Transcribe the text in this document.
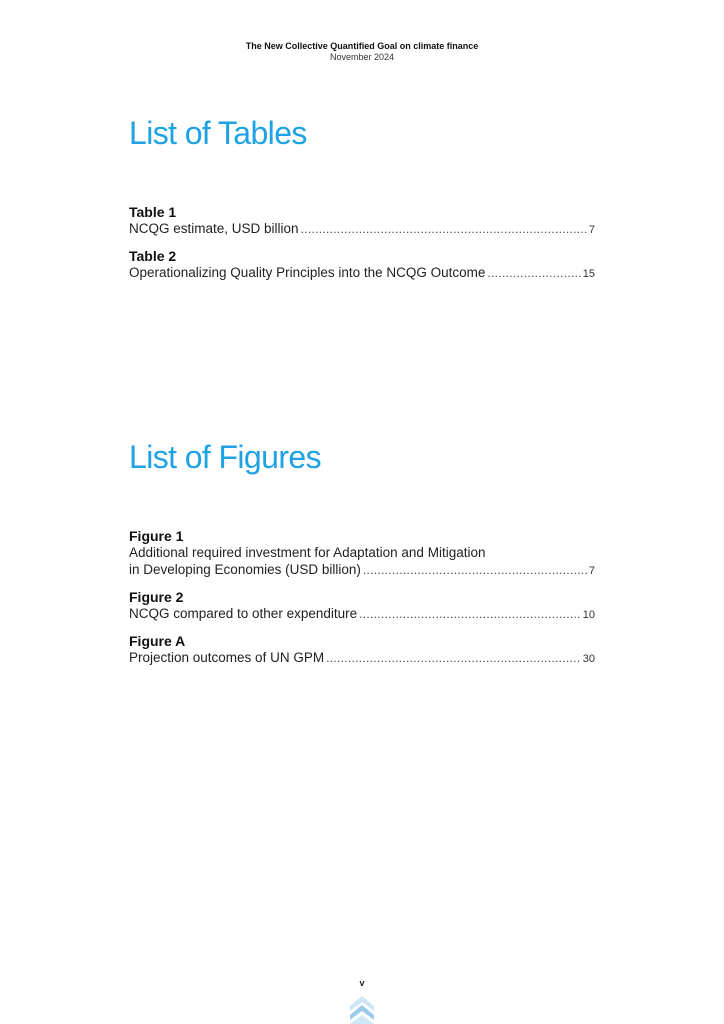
The New Collective Quantified Goal on climate finance
November 2024
List of Tables
Table 1
NCQG estimate, USD billion .....	7
Table 2
Operationalizing Quality Principles into the NCQG Outcome .....	15
List of Figures
Figure 1
Additional required investment for Adaptation and Mitigation
in Developing Economies (USD billion) .....	7
Figure 2
NCQG compared to other expenditure .....	10
Figure A
Projection outcomes of UN GPM .....	30
v
